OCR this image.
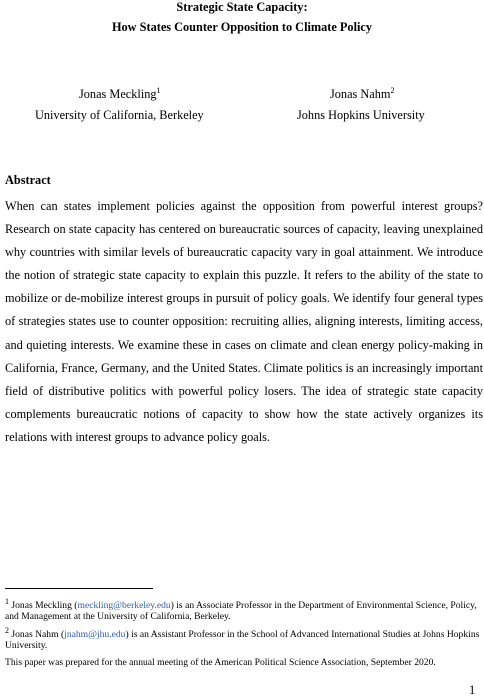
Strategic State Capacity:
How States Counter Opposition to Climate Policy
Jonas Meckling$^1$
University of California, Berkeley
Jonas Nahm$^2$
Johns Hopkins University
Abstract
When can states implement policies against the opposition from powerful interest groups? Research on state capacity has centered on bureaucratic sources of capacity, leaving unexplained why countries with similar levels of bureaucratic capacity vary in goal attainment. We introduce the notion of strategic state capacity to explain this puzzle. It refers to the ability of the state to mobilize or de-mobilize interest groups in pursuit of policy goals. We identify four general types of strategies states use to counter opposition: recruiting allies, aligning interests, limiting access, and quieting interests. We examine these in cases on climate and clean energy policy-making in California, France, Germany, and the United States. Climate politics is an increasingly important field of distributive politics with powerful policy losers. The idea of strategic state capacity complements bureaucratic notions of capacity to show how the state actively organizes its relations with interest groups to advance policy goals.
$^1$ Jonas Meckling (meckling@berkeley.edu) is an Associate Professor in the Department of Environmental Science, Policy, and Management at the University of California, Berkeley.
$^2$ Jonas Nahm (jnahm@jhu.edu) is an Assistant Professor in the School of Advanced International Studies at Johns Hopkins University.
This paper was prepared for the annual meeting of the American Political Science Association, September 2020.
1
